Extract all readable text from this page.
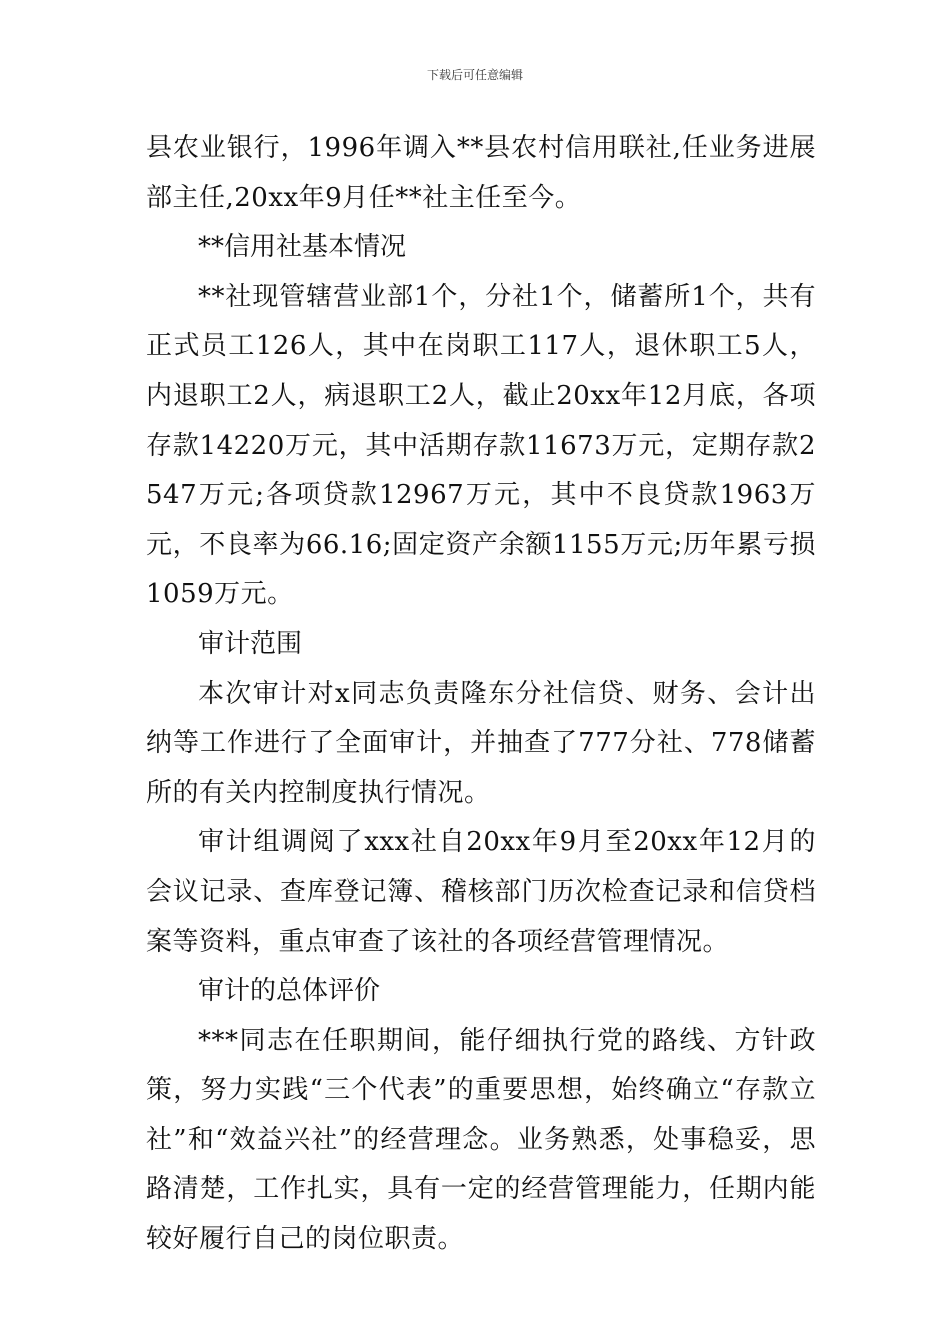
下载后可任意编辑

县农业银行，1996年调入**县农村信用联社,任业务进展部主任,20xx年9月任**社主任至今。

**信用社基本情况

**社现管辖营业部1个，分社1个，储蓄所1个，共有正式员工126人，其中在岗职工117人，退休职工5人，内退职工2人，病退职工2人，截止20xx年12月底，各项存款14220万元，其中活期存款11673万元，定期存款2547万元;各项贷款12967万元，其中不良贷款1963万元，不良率为66.16;固定资产余额1155万元;历年累亏损1059万元。

审计范围

本次审计对x同志负责隆东分社信贷、财务、会计出纳等工作进行了全面审计，并抽查了777分社、778储蓄所的有关内控制度执行情况。

审计组调阅了xxx社自20xx年9月至20xx年12月的会议记录、查库登记簿、稽核部门历次检查记录和信贷档案等资料，重点审查了该社的各项经营管理情况。

审计的总体评价

***同志在任职期间，能仔细执行党的路线、方针政策，努力实践“三个代表”的重要思想，始终确立“存款立社”和“效益兴社”的经营理念。业务熟悉，处事稳妥，思路清楚，工作扎实，具有一定的经营管理能力，任期内能较好履行自己的岗位职责。
